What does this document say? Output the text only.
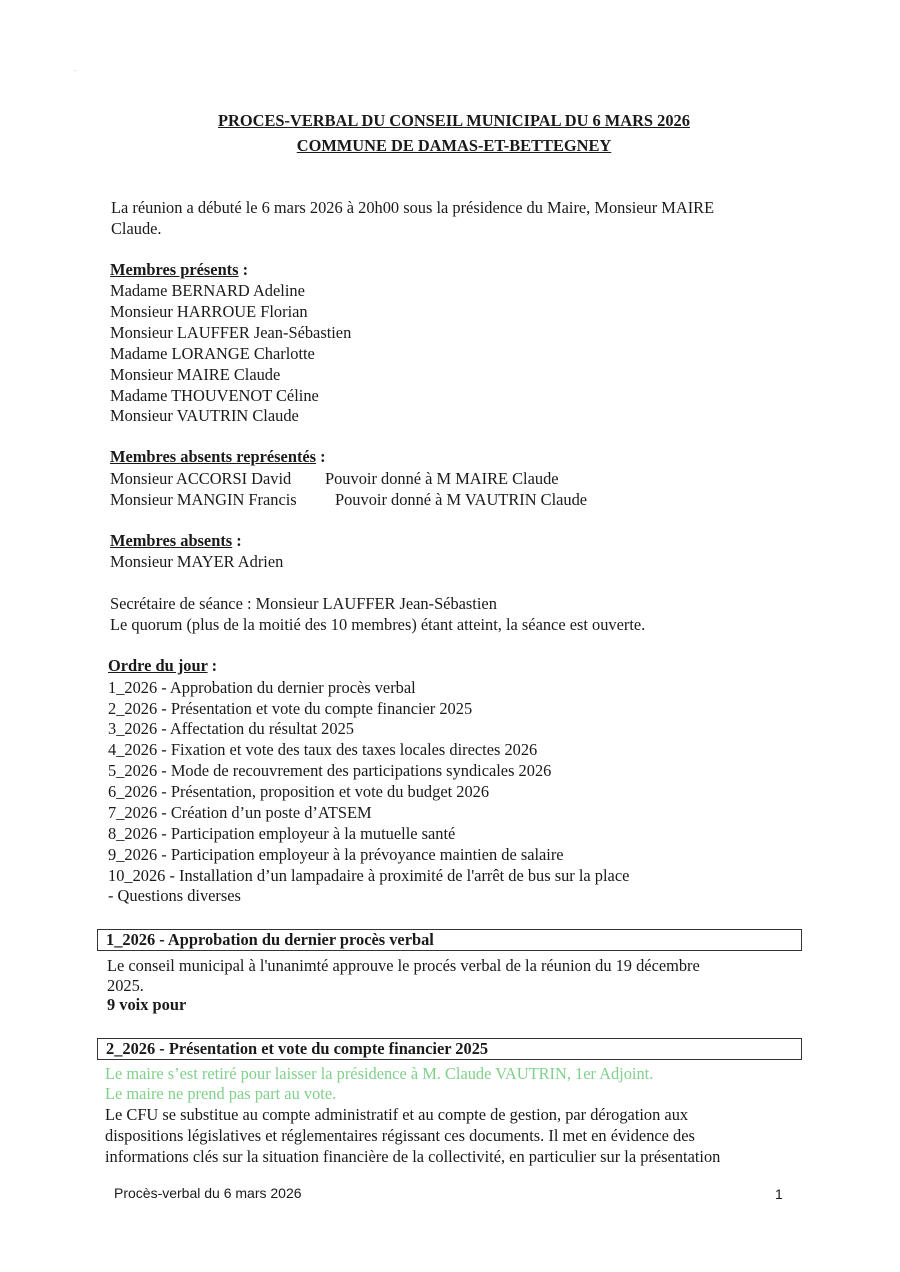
PROCES-VERBAL DU CONSEIL MUNICIPAL DU 6 MARS 2026
COMMUNE DE DAMAS-ET-BETTEGNEY
La réunion a débuté le 6 mars 2026 à 20h00 sous la présidence du Maire, Monsieur MAIRE
Claude.
Membres présents :
Madame BERNARD Adeline
Monsieur HARROUE Florian
Monsieur LAUFFER Jean-Sébastien
Madame LORANGE Charlotte
Monsieur MAIRE Claude
Madame THOUVENOT Céline
Monsieur VAUTRIN Claude
Membres absents représentés :
Monsieur ACCORSI David Pouvoir donné à M MAIRE Claude
Monsieur MANGIN Francis Pouvoir donné à M VAUTRIN Claude
Membres absents :
Monsieur MAYER Adrien
Secrétaire de séance : Monsieur LAUFFER Jean-Sébastien
Le quorum (plus de la moitié des 10 membres) étant atteint, la séance est ouverte.
Ordre du jour :
1_2026 - Approbation du dernier procès verbal
2_2026 - Présentation et vote du compte financier 2025
3_2026 - Affectation du résultat 2025
4_2026 - Fixation et vote des taux des taxes locales directes 2026
5_2026 - Mode de recouvrement des participations syndicales 2026
6_2026 - Présentation, proposition et vote du budget 2026
7_2026 - Création d’un poste d’ATSEM
8_2026 - Participation employeur à la mutuelle santé
9_2026 - Participation employeur à la prévoyance maintien de salaire
10_2026 - Installation d’un lampadaire à proximité de l'arrêt de bus sur la place
- Questions diverses
1_2026 - Approbation du dernier procès verbal
Le conseil municipal à l'unanimté approuve le procés verbal de la réunion du 19 décembre
2025.
9 voix pour
2_2026 - Présentation et vote du compte financier 2025
Le maire s’est retiré pour laisser la présidence à M. Claude VAUTRIN, 1er Adjoint.
Le maire ne prend pas part au vote.
Le CFU se substitue au compte administratif et au compte de gestion, par dérogation aux
dispositions législatives et réglementaires régissant ces documents. Il met en évidence des
informations clés sur la situation financière de la collectivité, en particulier sur la présentation
Procès-verbal du 6 mars 2026	1
